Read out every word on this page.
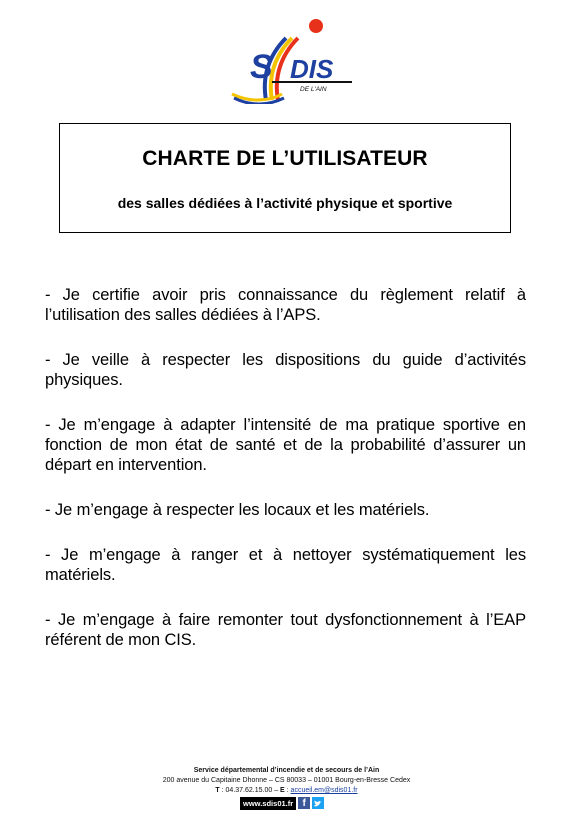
S DIS
DE L'AIN
CHARTE DE L’UTILISATEUR
des salles dédiées à l’activité physique et sportive

- Je certifie avoir pris connaissance du règlement relatif à l’utilisation des salles dédiées à l’APS.

- Je veille à respecter les dispositions du guide d’activités physiques.

- Je m’engage à adapter l’intensité de ma pratique sportive en fonction de mon état de santé et de la probabilité d’assurer un départ en intervention.

- Je m’engage à respecter les locaux et les matériels.

- Je m’engage à ranger et à nettoyer systématiquement les matériels.

- Je m’engage à faire remonter tout dysfonctionnement à l’EAP référent de mon CIS.

Service départemental d’incendie et de secours de l’Ain
200 avenue du Capitaine Dhonne – CS 80033 – 01001 Bourg-en-Bresse Cedex
T : 04.37.62.15.00 – E : accueil.em@sdis01.fr
www.sdis01.fr f
